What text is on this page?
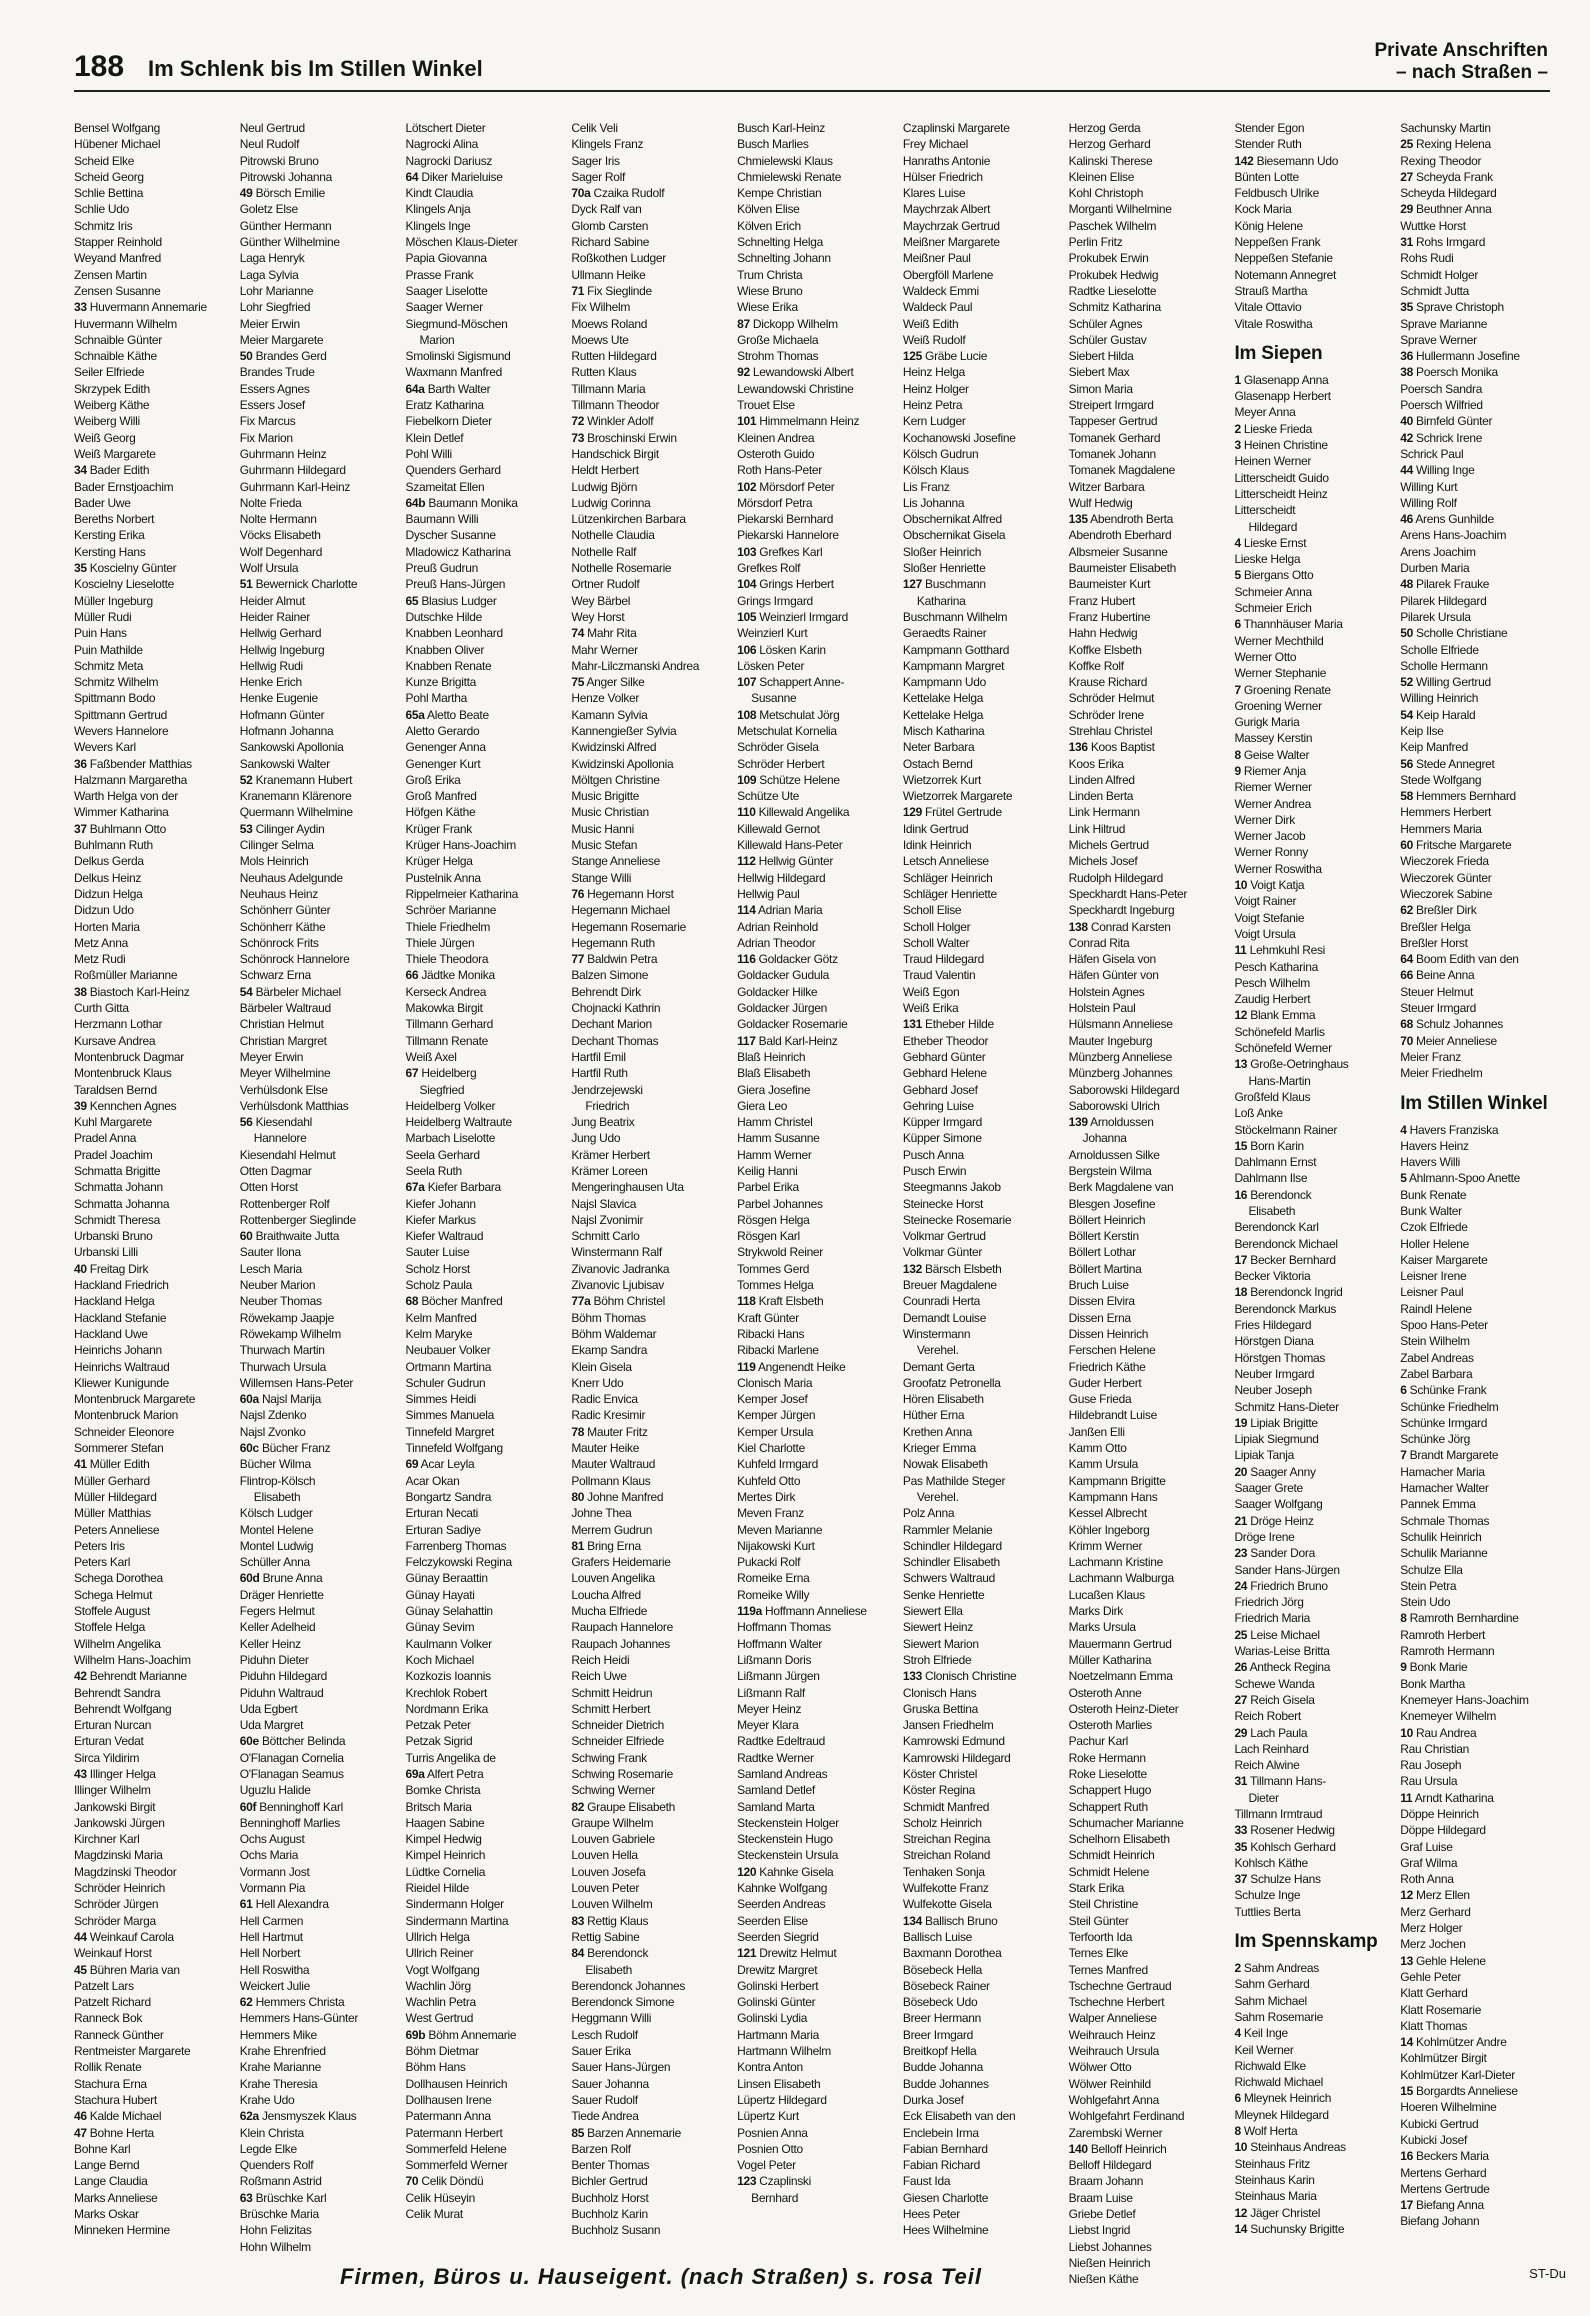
188 Im Schlenk bis Im Stillen Winkel
Private Anschriften
– nach Straßen –
Bensel Wolfgang
Hübener Michael
Scheid Elke
Scheid Georg
Schlie Bettina
Schlie Udo
Schmitz Iris
Stapper Reinhold
Weyand Manfred
Zensen Martin
Zensen Susanne
33 Huvermann Annemarie
Huvermann Wilhelm
Schnaible Günter
Schnaible Käthe
Seiler Elfriede
Skrzypek Edith
Weiberg Käthe
Weiberg Willi
Weiß Georg
Weiß Margarete
34 Bader Edith
Bader Ernstjoachim
Bader Uwe
Bereths Norbert
Kersting Erika
Kersting Hans
35 Koscielny Günter
Koscielny Lieselotte
Müller Ingeburg
Müller Rudi
Puin Hans
Puin Mathilde
Schmitz Meta
Schmitz Wilhelm
Spittmann Bodo
Spittmann Gertrud
Wevers Hannelore
Wevers Karl
36 Faßbender Matthias
Halzmann Margaretha
Warth Helga von der
Wimmer Katharina
37 Buhlmann Otto
Buhlmann Ruth
Delkus Gerda
Delkus Heinz
Didzun Helga
Didzun Udo
Horten Maria
Metz Anna
Metz Rudi
Roßmüller Marianne
38 Biastoch Karl-Heinz
Curth Gitta
Herzmann Lothar
Kursave Andrea
Montenbruck Dagmar
Montenbruck Klaus
Taraldsen Bernd
39 Kennchen Agnes
Kuhl Margarete
Pradel Anna
Pradel Joachim
Schmatta Brigitte
Schmatta Johann
Schmatta Johanna
Schmidt Theresa
Urbanski Bruno
Urbanski Lilli
40 Freitag Dirk
Hackland Friedrich
Hackland Helga
Hackland Stefanie
Hackland Uwe
Heinrichs Johann
Heinrichs Waltraud
Kliewer Kunigunde
Montenbruck Margarete
Montenbruck Marion
Schneider Eleonore
Sommerer Stefan
41 Müller Edith
Müller Gerhard
Müller Hildegard
Müller Matthias
Peters Anneliese
Peters Iris
Peters Karl
Schega Dorothea
Schega Helmut
Stoffele August
Stoffele Helga
Wilhelm Angelika
Wilhelm Hans-Joachim
42 Behrendt Marianne
Behrendt Sandra
Behrendt Wolfgang
Erturan Nurcan
Erturan Vedat
Sirca Yildirim
43 Illinger Helga
Illinger Wilhelm
Jankowski Birgit
Jankowski Jürgen
Kirchner Karl
Magdzinski Maria
Magdzinski Theodor
Schröder Heinrich
Schröder Jürgen
Schröder Marga
44 Weinkauf Carola
Weinkauf Horst
45 Bühren Maria van
Patzelt Lars
Patzelt Richard
Ranneck Bok
Ranneck Günther
Rentmeister Margarete
Rollik Renate
Stachura Erna
Stachura Hubert
46 Kalde Michael
47 Bohne Herta
Bohne Karl
Lange Bernd
Lange Claudia
Marks Anneliese
Marks Oskar
Minneken Hermine
Neul Gertrud
Neul Rudolf
Pitrowski Bruno
Pitrowski Johanna
49 Börsch Emilie
Goletz Else
Günther Hermann
Günther Wilhelmine
Laga Henryk
Laga Sylvia
Lohr Marianne
Lohr Siegfried
Meier Erwin
Meier Margarete
50 Brandes Gerd
Brandes Trude
Essers Agnes
Essers Josef
Fix Marcus
Fix Marion
Guhrmann Heinz
Guhrmann Hildegard
Guhrmann Karl-Heinz
Nolte Frieda
Nolte Hermann
Vöcks Elisabeth
Wolf Degenhard
Wolf Ursula
51 Bewernick Charlotte
Heider Almut
Heider Rainer
Hellwig Gerhard
Hellwig Ingeburg
Hellwig Rudi
Henke Erich
Henke Eugenie
Hofmann Günter
Hofmann Johanna
Sankowski Apollonia
Sankowski Walter
52 Kranemann Hubert
Kranemann Klärenore
Quermann Wilhelmine
53 Cilinger Aydin
Cilinger Selma
Mols Heinrich
Neuhaus Adelgunde
Neuhaus Heinz
Schönherr Günter
Schönherr Käthe
Schönrock Frits
Schönrock Hannelore
Schwarz Erna
54 Bärbeler Michael
Bärbeler Waltraud
Christian Helmut
Christian Margret
Meyer Erwin
Meyer Wilhelmine
Verhülsdonk Else
Verhülsdonk Matthias
56 Kiesendahl
Hannelore
Kiesendahl Helmut
Otten Dagmar
Otten Horst
Rottenberger Rolf
Rottenberger Sieglinde
60 Braithwaite Jutta
Sauter Ilona
Lesch Maria
Neuber Marion
Neuber Thomas
Röwekamp Jaapje
Röwekamp Wilhelm
Thurwach Martin
Thurwach Ursula
Willemsen Hans-Peter
60a Najsl Marija
Najsl Zdenko
Najsl Zvonko
60c Bücher Franz
Bücher Wilma
Flintrop-Kölsch
Elisabeth
Kölsch Ludger
Montel Helene
Montel Ludwig
Schüller Anna
60d Brune Anna
Dräger Henriette
Fegers Helmut
Keller Adelheid
Keller Heinz
Piduhn Dieter
Piduhn Hildegard
Piduhn Waltraud
Uda Egbert
Uda Margret
60e Böttcher Belinda
O'Flanagan Cornelia
O'Flanagan Seamus
Uguzlu Halide
60f Benninghoff Karl
Benninghoff Marlies
Ochs August
Ochs Maria
Vormann Jost
Vormann Pia
61 Hell Alexandra
Hell Carmen
Hell Hartmut
Hell Norbert
Hell Roswitha
Weickert Julie
62 Hemmers Christa
Hemmers Hans-Günter
Hemmers Mike
Krahe Ehrenfried
Krahe Marianne
Krahe Theresia
Krahe Udo
62a Jensmyszek Klaus
Klein Christa
Legde Elke
Quenders Rolf
Roßmann Astrid
63 Brüschke Karl
Brüschke Maria
Hohn Felizitas
Hohn Wilhelm
Lötschert Dieter
Nagrocki Alina
Nagrocki Dariusz
64 Diker Marieluise
Kindt Claudia
Klingels Anja
Klingels Inge
Möschen Klaus-Dieter
Papia Giovanna
Prasse Frank
Saager Liselotte
Saager Werner
Siegmund-Möschen
Marion
Smolinski Sigismund
Waxmann Manfred
64a Barth Walter
Eratz Katharina
Fiebelkorn Dieter
Klein Detlef
Pohl Willi
Quenders Gerhard
Szameitat Ellen
64b Baumann Monika
Baumann Willi
Dyscher Susanne
Mladowicz Katharina
Preuß Gudrun
Preuß Hans-Jürgen
65 Blasius Ludger
Dutschke Hilde
Knabben Leonhard
Knabben Oliver
Knabben Renate
Kunze Brigitta
Pohl Martha
65a Aletto Beate
Aletto Gerardo
Genenger Anna
Genenger Kurt
Groß Erika
Groß Manfred
Höfgen Käthe
Krüger Frank
Krüger Hans-Joachim
Krüger Helga
Pustelnik Anna
Rippelmeier Katharina
Schröer Marianne
Thiele Friedhelm
Thiele Jürgen
Thiele Theodora
66 Jädtke Monika
Kerseck Andrea
Makowka Birgit
Tillmann Gerhard
Tillmann Renate
Weiß Axel
67 Heidelberg
Siegfried
Heidelberg Volker
Heidelberg Waltraute
Marbach Liselotte
Seela Gerhard
Seela Ruth
67a Kiefer Barbara
Kiefer Johann
Kiefer Markus
Kiefer Waltraud
Sauter Luise
Scholz Horst
Scholz Paula
68 Böcher Manfred
Kelm Manfred
Kelm Maryke
Neubauer Volker
Ortmann Martina
Schuler Gudrun
Simmes Heidi
Simmes Manuela
Tinnefeld Margret
Tinnefeld Wolfgang
69 Acar Leyla
Acar Okan
Bongartz Sandra
Erturan Necati
Erturan Sadiye
Farrenberg Thomas
Felczykowski Regina
Günay Beraattin
Günay Hayati
Günay Selahattin
Günay Sevim
Kaulmann Volker
Koch Michael
Kozkozis Ioannis
Krechlok Robert
Nordmann Erika
Petzak Peter
Petzak Sigrid
Turris Angelika de
69a Alfert Petra
Bomke Christa
Britsch Maria
Haagen Sabine
Kimpel Hedwig
Kimpel Heinrich
Lüdtke Cornelia
Rieidel Hilde
Sindermann Holger
Sindermann Martina
Ullrich Helga
Ullrich Reiner
Vogt Wolfgang
Wachlin Jörg
Wachlin Petra
West Gertrud
69b Böhm Annemarie
Böhm Dietmar
Böhm Hans
Dollhausen Heinrich
Dollhausen Irene
Patermann Anna
Patermann Herbert
Sommerfeld Helene
Sommerfeld Werner
70 Celik Döndü
Celik Hüseyin
Celik Murat
Celik Veli
Klingels Franz
Sager Iris
Sager Rolf
70a Czaika Rudolf
Dyck Ralf van
Glomb Carsten
Richard Sabine
Roßkothen Ludger
Ullmann Heike
71 Fix Sieglinde
Fix Wilhelm
Moews Roland
Moews Ute
Rutten Hildegard
Rutten Klaus
Tillmann Maria
Tillmann Theodor
72 Winkler Adolf
73 Broschinski Erwin
Handschick Birgit
Heldt Herbert
Ludwig Björn
Ludwig Corinna
Lützenkirchen Barbara
Nothelle Claudia
Nothelle Ralf
Nothelle Rosemarie
Ortner Rudolf
Wey Bärbel
Wey Horst
74 Mahr Rita
Mahr Werner
Mahr-Lilczmanski Andrea
75 Anger Silke
Henze Volker
Kamann Sylvia
Kannengießer Sylvia
Kwidzinski Alfred
Kwidzinski Apollonia
Möltgen Christine
Music Brigitte
Music Christian
Music Hanni
Music Stefan
Stange Anneliese
Stange Willi
76 Hegemann Horst
Hegemann Michael
Hegemann Rosemarie
Hegemann Ruth
77 Baldwin Petra
Balzen Simone
Behrendt Dirk
Chojnacki Kathrin
Dechant Marion
Dechant Thomas
Hartfil Emil
Hartfil Ruth
Jendrzejewski
Friedrich
Jung Beatrix
Jung Udo
Krämer Herbert
Krämer Loreen
Mengeringhausen Uta
Najsl Slavica
Najsl Zvonimir
Schmitt Carlo
Winstermann Ralf
Zivanovic Jadranka
Zivanovic Ljubisav
77a Böhm Christel
Böhm Thomas
Böhm Waldemar
Ekamp Sandra
Klein Gisela
Knerr Udo
Radic Envica
Radic Kresimir
78 Mauter Fritz
Mauter Heike
Mauter Waltraud
Pollmann Klaus
80 Johne Manfred
Johne Thea
Merrem Gudrun
81 Bring Erna
Grafers Heidemarie
Louven Angelika
Loucha Alfred
Mucha Elfriede
Raupach Hannelore
Raupach Johannes
Reich Heidi
Reich Uwe
Schmitt Heidrun
Schmitt Herbert
Schneider Dietrich
Schneider Elfriede
Schwing Frank
Schwing Rosemarie
Schwing Werner
82 Graupe Elisabeth
Graupe Wilhelm
Louven Gabriele
Louven Hella
Louven Josefa
Louven Peter
Louven Wilhelm
83 Rettig Klaus
Rettig Sabine
84 Berendonck
Elisabeth
Berendonck Johannes
Berendonck Simone
Heggmann Willi
Lesch Rudolf
Sauer Erika
Sauer Hans-Jürgen
Sauer Johanna
Sauer Rudolf
Tiede Andrea
85 Barzen Annemarie
Barzen Rolf
Benter Thomas
Bichler Gertrud
Buchholz Horst
Buchholz Karin
Buchholz Susann
Busch Karl-Heinz
Busch Marlies
Chmielewski Klaus
Chmielewski Renate
Kempe Christian
Kölven Elise
Kölven Erich
Schnelting Helga
Schnelting Johann
Trum Christa
Wiese Bruno
Wiese Erika
87 Dickopp Wilhelm
Große Michaela
Strohm Thomas
92 Lewandowski Albert
Lewandowski Christine
Trouet Else
101 Himmelmann Heinz
Kleinen Andrea
Osteroth Guido
Roth Hans-Peter
102 Mörsdorf Peter
Mörsdorf Petra
Piekarski Bernhard
Piekarski Hannelore
103 Grefkes Karl
Grefkes Rolf
104 Grings Herbert
Grings Irmgard
105 Weinzierl Irmgard
Weinzierl Kurt
106 Lösken Karin
Lösken Peter
107 Schappert Anne-
Susanne
108 Metschulat Jörg
Metschulat Kornelia
Schröder Gisela
Schröder Herbert
109 Schütze Helene
Schütze Ute
110 Killewald Angelika
Killewald Gernot
Killewald Hans-Peter
112 Hellwig Günter
Hellwig Hildegard
Hellwig Paul
114 Adrian Maria
Adrian Reinhold
Adrian Theodor
116 Goldacker Götz
Goldacker Gudula
Goldacker Hilke
Goldacker Jürgen
Goldacker Rosemarie
117 Bald Karl-Heinz
Blaß Heinrich
Blaß Elisabeth
Giera Josefine
Giera Leo
Hamm Christel
Hamm Susanne
Hamm Werner
Keilig Hanni
Parbel Erika
Parbel Johannes
Rösgen Helga
Rösgen Karl
Strykwold Reiner
Tommes Gerd
Tommes Helga
118 Kraft Elsbeth
Kraft Günter
Ribacki Hans
Ribacki Marlene
119 Angenendt Heike
Clonisch Maria
Kemper Josef
Kemper Jürgen
Kemper Ursula
Kiel Charlotte
Kuhfeld Irmgard
Kuhfeld Otto
Mertes Dirk
Meven Franz
Meven Marianne
Nijakowski Kurt
Pukacki Rolf
Romeike Erna
Romeike Willy
119a Hoffmann Anneliese
Hoffmann Thomas
Hoffmann Walter
Lißmann Doris
Lißmann Jürgen
Lißmann Ralf
Meyer Heinz
Meyer Klara
Radtke Edeltraud
Radtke Werner
Samland Andreas
Samland Detlef
Samland Marta
Steckenstein Holger
Steckenstein Hugo
Steckenstein Ursula
120 Kahnke Gisela
Kahnke Wolfgang
Seerden Andreas
Seerden Elise
Seerden Siegrid
121 Drewitz Helmut
Drewitz Margret
Golinski Herbert
Golinski Günter
Golinski Lydia
Hartmann Maria
Hartmann Wilhelm
Kontra Anton
Linsen Elisabeth
Lüpertz Hildegard
Lüpertz Kurt
Posnien Anna
Posnien Otto
Vogel Peter
123 Czaplinski
Bernhard
Czaplinski Margarete
Frey Michael
Hanraths Antonie
Hülser Friedrich
Klares Luise
Maychrzak Albert
Maychrzak Gertrud
Meißner Margarete
Meißner Paul
Obergföll Marlene
Waldeck Emmi
Waldeck Paul
Weiß Edith
Weiß Rudolf
125 Gräbe Lucie
Heinz Helga
Heinz Holger
Heinz Petra
Kern Ludger
Kochanowski Josefine
Kölsch Gudrun
Kölsch Klaus
Lis Franz
Lis Johanna
Obschernikat Alfred
Obschernikat Gisela
Sloßer Heinrich
Sloßer Henriette
127 Buschmann
Katharina
Buschmann Wilhelm
Geraedts Rainer
Kampmann Gotthard
Kampmann Margret
Kampmann Udo
Kettelake Helga
Kettelake Helga
Misch Katharina
Neter Barbara
Ostach Bernd
Wietzorrek Kurt
Wietzorrek Margarete
129 Frütel Gertrude
Idink Gertrud
Idink Heinrich
Letsch Anneliese
Schläger Heinrich
Schläger Henriette
Scholl Elise
Scholl Holger
Scholl Walter
Traud Hildegard
Traud Valentin
Weiß Egon
Weiß Erika
131 Etheber Hilde
Etheber Theodor
Gebhard Günter
Gebhard Helene
Gebhard Josef
Gehring Luise
Küpper Irmgard
Küpper Simone
Pusch Anna
Pusch Erwin
Steegmanns Jakob
Steinecke Horst
Steinecke Rosemarie
Volkmar Gertrud
Volkmar Günter
132 Bärsch Elsbeth
Breuer Magdalene
Counradi Herta
Demandt Louise
Winstermann
Verehel.
Demant Gerta
Groofatz Petronella
Hören Elisabeth
Hüther Erna
Krethen Anna
Krieger Emma
Nowak Elisabeth
Pas Mathilde Steger
Verehel.
Polz Anna
Rammler Melanie
Schindler Hildegard
Schindler Elisabeth
Schwers Waltraud
Senke Henriette
Siewert Ella
Siewert Heinz
Siewert Marion
Stroh Elfriede
133 Clonisch Christine
Clonisch Hans
Gruska Bettina
Jansen Friedhelm
Kamrowski Edmund
Kamrowski Hildegard
Köster Christel
Köster Regina
Schmidt Manfred
Scholz Heinrich
Streichan Regina
Streichan Roland
Tenhaken Sonja
Wulfekotte Franz
Wulfekotte Gisela
134 Ballisch Bruno
Ballisch Luise
Baxmann Dorothea
Bösebeck Hella
Bösebeck Rainer
Bösebeck Udo
Breer Hermann
Breer Irmgard
Breitkopf Hella
Budde Johanna
Budde Johannes
Durka Josef
Eck Elisabeth van den
Enclebein Irma
Fabian Bernhard
Fabian Richard
Faust Ida
Giesen Charlotte
Hees Peter
Hees Wilhelmine
Herzog Gerda
Herzog Gerhard
Kalinski Therese
Kleinen Elise
Kohl Christoph
Morganti Wilhelmine
Paschek Wilhelm
Perlin Fritz
Prokubek Erwin
Prokubek Hedwig
Radtke Lieselotte
Schmitz Katharina
Schüler Agnes
Schüler Gustav
Siebert Hilda
Siebert Max
Simon Maria
Streipert Irmgard
Tappeser Gertrud
Tomanek Gerhard
Tomanek Johann
Tomanek Magdalene
Witzer Barbara
Wulf Hedwig
135 Abendroth Berta
Abendroth Eberhard
Albsmeier Susanne
Baumeister Elisabeth
Baumeister Kurt
Franz Hubert
Franz Hubertine
Hahn Hedwig
Koffke Elsbeth
Koffke Rolf
Krause Richard
Schröder Helmut
Schröder Irene
Strehlau Christel
136 Koos Baptist
Koos Erika
Linden Alfred
Linden Berta
Link Hermann
Link Hiltrud
Michels Gertrud
Michels Josef
Rudolph Hildegard
Speckhardt Hans-Peter
Speckhardt Ingeburg
138 Conrad Karsten
Conrad Rita
Häfen Gisela von
Häfen Günter von
Holstein Agnes
Holstein Paul
Hülsmann Anneliese
Mauter Ingeburg
Münzberg Anneliese
Münzberg Johannes
Saborowski Hildegard
Saborowski Ulrich
139 Arnoldussen
Johanna
Arnoldussen Silke
Bergstein Wilma
Berk Magdalene van
Blesgen Josefine
Böllert Heinrich
Böllert Kerstin
Böllert Lothar
Böllert Martina
Bruch Luise
Dissen Elvira
Dissen Erna
Dissen Heinrich
Ferschen Helene
Friedrich Käthe
Guder Herbert
Guse Frieda
Hildebrandt Luise
Janßen Elli
Kamm Otto
Kamm Ursula
Kampmann Brigitte
Kampmann Hans
Kessel Albrecht
Köhler Ingeborg
Krimm Werner
Lachmann Kristine
Lachmann Walburga
Lucaßen Klaus
Marks Dirk
Marks Ursula
Mauermann Gertrud
Müller Katharina
Noetzelmann Emma
Osteroth Anne
Osteroth Heinz-Dieter
Osteroth Marlies
Pachur Karl
Roke Hermann
Roke Lieselotte
Schappert Hugo
Schappert Ruth
Schumacher Marianne
Schelhorn Elisabeth
Schmidt Heinrich
Schmidt Helene
Stark Erika
Steil Christine
Steil Günter
Terfoorth Ida
Ternes Elke
Ternes Manfred
Tschechne Gertraud
Tschechne Herbert
Walper Anneliese
Weihrauch Heinz
Weihrauch Ursula
Wölwer Otto
Wölwer Reinhild
Wohlgefahrt Anna
Wohlgefahrt Ferdinand
Zarembski Werner
140 Belloff Heinrich
Belloff Hildegard
Braam Johann
Braam Luise
Griebe Detlef
Liebst Ingrid
Liebst Johannes
Nießen Heinrich
Nießen Käthe
Stender Egon
Stender Ruth
142 Biesemann Udo
Bünten Lotte
Feldbusch Ulrike
Kock Maria
König Helene
Neppeßen Frank
Neppeßen Stefanie
Notemann Annegret
Strauß Martha
Vitale Ottavio
Vitale Roswitha
Im Siepen
1 Glasenapp Anna
Glasenapp Herbert
Meyer Anna
2 Lieske Frieda
3 Heinen Christine
Heinen Werner
Litterscheidt Guido
Litterscheidt Heinz
Litterscheidt
Hildegard
4 Lieske Ernst
Lieske Helga
5 Biergans Otto
Schmeier Anna
Schmeier Erich
6 Thannhäuser Maria
Werner Mechthild
Werner Otto
Werner Stephanie
7 Groening Renate
Groening Werner
Gurigk Maria
Massey Kerstin
8 Geise Walter
9 Riemer Anja
Riemer Werner
Werner Andrea
Werner Dirk
Werner Jacob
Werner Ronny
Werner Roswitha
10 Voigt Katja
Voigt Rainer
Voigt Stefanie
Voigt Ursula
11 Lehmkuhl Resi
Pesch Katharina
Pesch Wilhelm
Zaudig Herbert
12 Blank Emma
Schönefeld Marlis
Schönefeld Werner
13 Große-Oetringhaus
Hans-Martin
Großfeld Klaus
Loß Anke
Stöckelmann Rainer
15 Born Karin
Dahlmann Ernst
Dahlmann Ilse
16 Berendonck
Elisabeth
Berendonck Karl
Berendonck Michael
17 Becker Bernhard
Becker Viktoria
18 Berendonck Ingrid
Berendonck Markus
Fries Hildegard
Hörstgen Diana
Hörstgen Thomas
Neuber Irmgard
Neuber Joseph
Schmitz Hans-Dieter
19 Lipiak Brigitte
Lipiak Siegmund
Lipiak Tanja
20 Saager Anny
Saager Grete
Saager Wolfgang
21 Dröge Heinz
Dröge Irene
23 Sander Dora
Sander Hans-Jürgen
24 Friedrich Bruno
Friedrich Jörg
Friedrich Maria
25 Leise Michael
Warias-Leise Britta
26 Antheck Regina
Schewe Wanda
27 Reich Gisela
Reich Robert
29 Lach Paula
Lach Reinhard
Reich Alwine
31 Tillmann Hans-
Dieter
Tillmann Irmtraud
33 Rosener Hedwig
35 Kohlsch Gerhard
Kohlsch Käthe
37 Schulze Hans
Schulze Inge
Tuttlies Berta
Im Spennskamp
2 Sahm Andreas
Sahm Gerhard
Sahm Michael
Sahm Rosemarie
4 Keil Inge
Keil Werner
Richwald Elke
Richwald Michael
6 Mleynek Heinrich
Mleynek Hildegard
8 Wolf Herta
10 Steinhaus Andreas
Steinhaus Fritz
Steinhaus Karin
Steinhaus Maria
12 Jäger Christel
14 Suchunsky Brigitte
Sachunsky Martin
25 Rexing Helena
Rexing Theodor
27 Scheyda Frank
Scheyda Hildegard
29 Beuthner Anna
Wuttke Horst
31 Rohs Irmgard
Rohs Rudi
Schmidt Holger
Schmidt Jutta
35 Sprave Christoph
Sprave Marianne
Sprave Werner
36 Hullermann Josefine
38 Poersch Monika
Poersch Sandra
Poersch Wilfried
40 Birnfeld Günter
42 Schrick Irene
Schrick Paul
44 Willing Inge
Willing Kurt
Willing Rolf
46 Arens Gunhilde
Arens Hans-Joachim
Arens Joachim
Durben Maria
48 Pilarek Frauke
Pilarek Hildegard
Pilarek Ursula
50 Scholle Christiane
Scholle Elfriede
Scholle Hermann
52 Willing Gertrud
Willing Heinrich
54 Keip Harald
Keip Ilse
Keip Manfred
56 Stede Annegret
Stede Wolfgang
58 Hemmers Bernhard
Hemmers Herbert
Hemmers Maria
60 Fritsche Margarete
Wieczorek Frieda
Wieczorek Günter
Wieczorek Sabine
62 Breßler Dirk
Breßler Helga
Breßler Horst
64 Boom Edith van den
66 Beine Anna
Steuer Helmut
Steuer Irmgard
68 Schulz Johannes
70 Meier Anneliese
Meier Franz
Meier Friedhelm
Im Stillen Winkel
4 Havers Franziska
Havers Heinz
Havers Willi
5 Ahlmann-Spoo Anette
Bunk Renate
Bunk Walter
Czok Elfriede
Holler Helene
Kaiser Margarete
Leisner Irene
Leisner Paul
Raindl Helene
Spoo Hans-Peter
Stein Wilhelm
Zabel Andreas
Zabel Barbara
6 Schünke Frank
Schünke Friedhelm
Schünke Irmgard
Schünke Jörg
7 Brandt Margarete
Hamacher Maria
Hamacher Walter
Pannek Emma
Schmale Thomas
Schulik Heinrich
Schulik Marianne
Schulze Ella
Stein Petra
Stein Udo
8 Ramroth Bernhardine
Ramroth Herbert
Ramroth Hermann
9 Bonk Marie
Bonk Martha
Knemeyer Hans-Joachim
Knemeyer Wilhelm
10 Rau Andrea
Rau Christian
Rau Joseph
Rau Ursula
11 Arndt Katharina
Döppe Heinrich
Döppe Hildegard
Graf Luise
Graf Wilma
Roth Anna
12 Merz Ellen
Merz Gerhard
Merz Holger
Merz Jochen
13 Gehle Helene
Gehle Peter
Klatt Gerhard
Klatt Rosemarie
Klatt Thomas
14 Kohlmützer Andre
Kohlmützer Birgit
Kohlmützer Karl-Dieter
15 Borgardts Anneliese
Hoeren Wilhelmine
Kubicki Gertrud
Kubicki Josef
16 Beckers Maria
Mertens Gerhard
Mertens Gertrude
17 Biefang Anna
Biefang Johann
Firmen, Büros u. Hauseigent. (nach Straßen) s. rosa Teil	ST-Du
